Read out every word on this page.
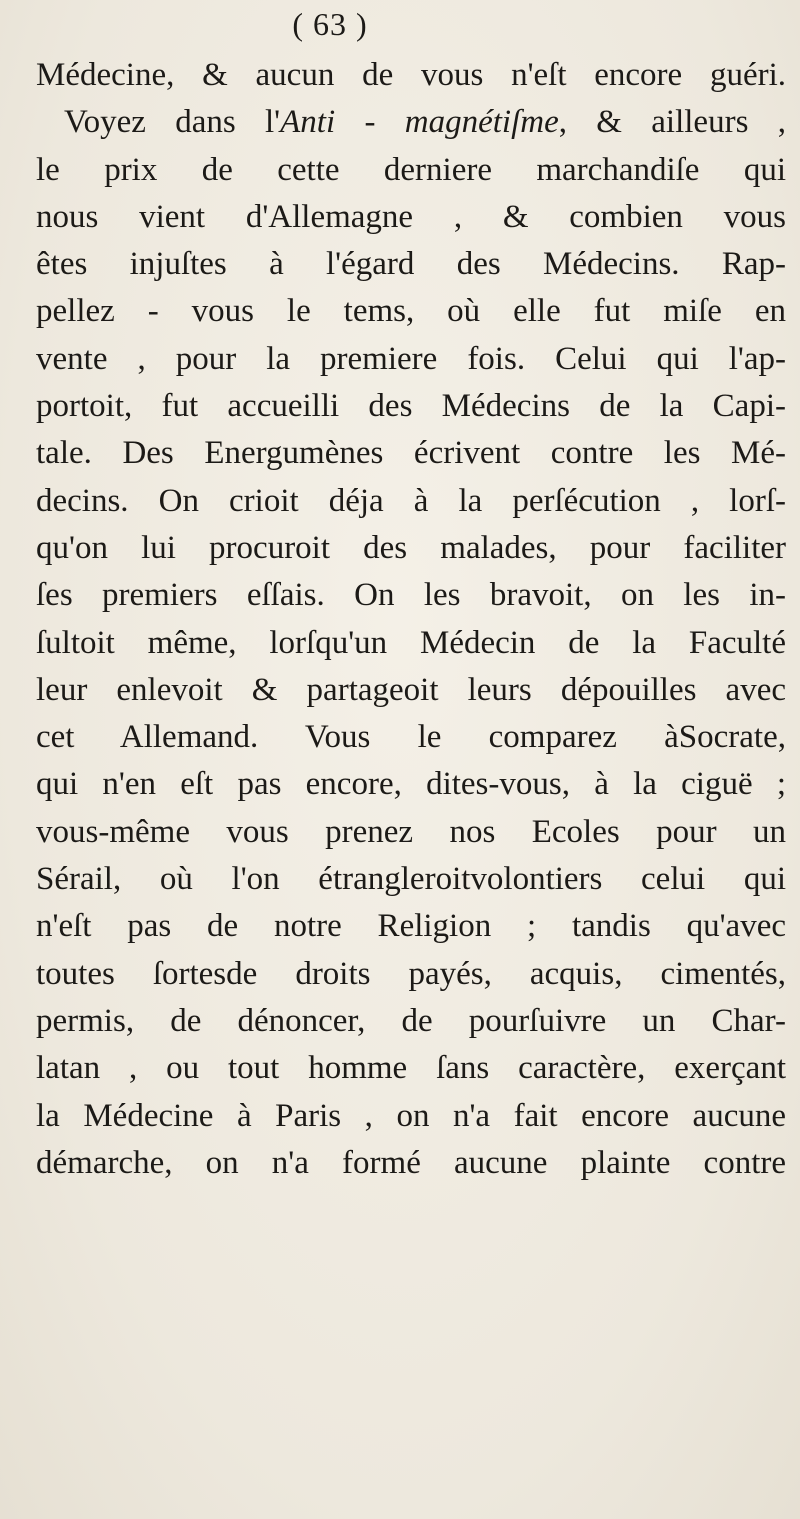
( 63 )
Médecine, & aucun de vous n'eſt encore guéri.
Voyez dans l'Anti - magnétiſme, & ailleurs ,
le prix de cette derniere marchandiſe qui
nous vient d'Allemagne , & combien vous
êtes injuſtes à l'égard des Médecins. Rap-
pellez - vous le tems, où elle fut miſe en
vente , pour la premiere fois. Celui qui l'ap-
portoit, fut accueilli des Médecins de la Capi-
tale. Des Energumènes écrivent contre les Mé-
decins. On crioit déja à la perſécution , lorſ-
qu'on lui procuroit des malades, pour faciliter
ſes premiers eſſais. On les bravoit, on les in-
ſultoit même, lorſqu'un Médecin de la Faculté
leur enlevoit & partageoit leurs dépouilles avec
cet Allemand. Vous le comparez àSocrate,
qui n'en eſt pas encore, dites-vous, à la ciguë ;
vous-même vous prenez nos Ecoles pour un
Sérail, où l'on étrangleroitvolontiers celui qui
n'eſt pas de notre Religion ; tandis qu'avec
toutes ſortesde droits payés, acquis, cimentés,
permis, de dénoncer, de pourſuivre un Char-
latan , ou tout homme ſans caractère, exerçant
la Médecine à Paris , on n'a fait encore aucune
démarche, on n'a formé aucune plainte contre
